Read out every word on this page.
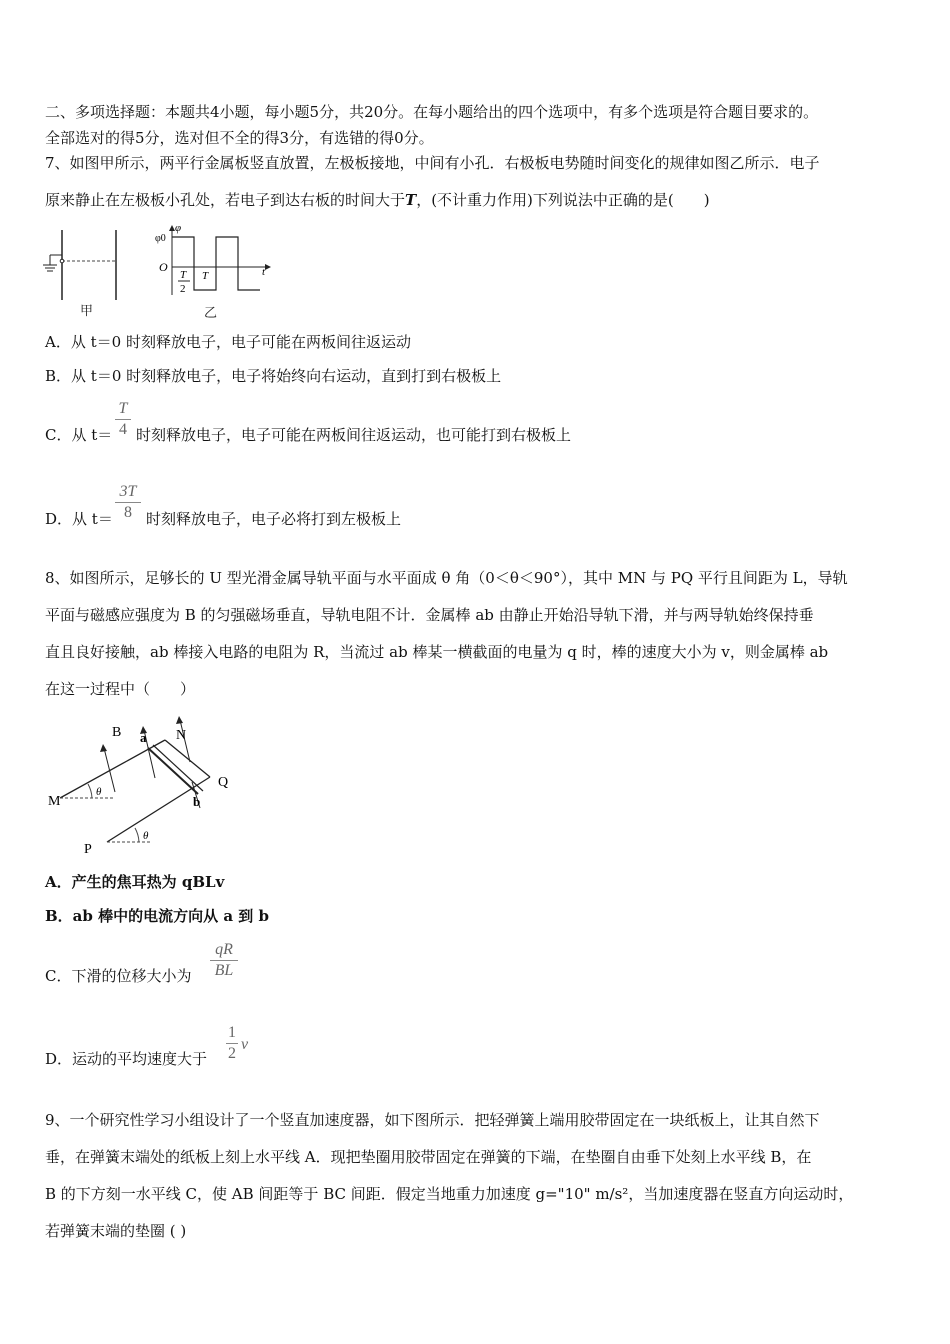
二、多项选择题：本题共4小题，每小题5分，共20分。在每小题给出的四个选项中，有多个选项是符合题目要求的。
全部选对的得5分，选对但不全的得3分，有选错的得0分。
7、如图甲所示，两平行金属板竖直放置，左极板接地，中间有小孔．右极板电势随时间变化的规律如图乙所示．电子
原来静止在左极板小孔处，若电子到达右板的时间大于T，(不计重力作用)下列说法中正确的是(　　)
甲
φ
φ0
O	t
T
2
T
乙
A．从 t＝0 时刻释放电子，电子可能在两板间往返运动
B．从 t＝0 时刻释放电子，电子将始终向右运动，直到打到右极板上
C．从 t＝
T
4 时刻释放电子，电子可能在两板间往返运动，也可能打到右极板上
D．从 t＝
3T
8 时刻释放电子，电子必将打到左极板上
8、如图所示，足够长的 U 型光滑金属导轨平面与水平面成 θ 角（0＜θ＜90°），其中 MN 与 PQ 平行且间距为 L，导轨
平面与磁感应强度为 B 的匀强磁场垂直，导轨电阻不计．金属棒 ab 由静止开始沿导轨下滑，并与两导轨始终保持垂
直且良好接触，ab 棒接入电路的电阻为 R，当流过 ab 棒某一横截面的电量为 q 时，棒的速度大小为 v，则金属棒 ab
在这一过程中（　　）
B a N
Q
M	b
P
θ
θ
A．产生的焦耳热为 qBLv
B．ab 棒中的电流方向从 a 到 b
C．下滑的位移大小为
qR
BL
D．运动的平均速度大于
1
2
v
9、一个研究性学习小组设计了一个竖直加速度器，如下图所示．把轻弹簧上端用胶带固定在一块纸板上，让其自然下
垂，在弹簧末端处的纸板上刻上水平线 A．现把垫圈用胶带固定在弹簧的下端，在垫圈自由垂下处刻上水平线 B，在
B 的下方刻一水平线 C，使 AB 间距等于 BC 间距．假定当地重力加速度 g="10" m/s²，当加速度器在竖直方向运动时，
若弹簧末端的垫圈 ( )
